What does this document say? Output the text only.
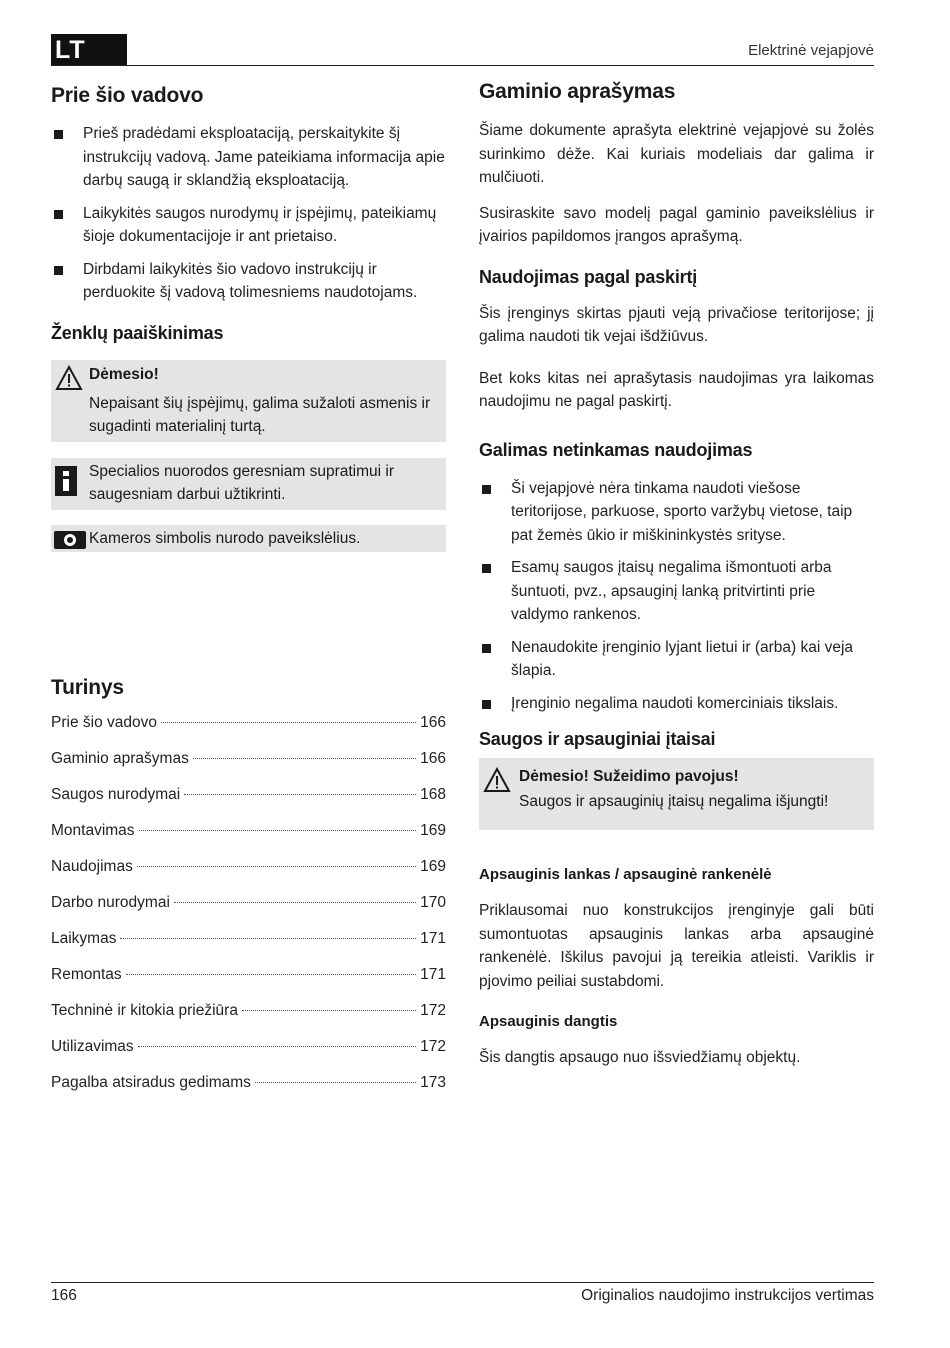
LT	Elektrinė vejapjovė
Prie šio vadovo
Prieš pradėdami eksploataciją, perskaitykite šį instrukcijų vadovą. Jame pateikiama informacija apie darbų saugą ir sklandžią eksploataciją.
Laikykitės saugos nurodymų ir įspėjimų, pateikiamų šioje dokumentacijoje ir ant prietaiso.
Dirbdami laikykitės šio vadovo instrukcijų ir perduokite šį vadovą tolimesniems naudotojams.
Ženklų paaiškinimas
Dėmesio!
Nepaisant šių įspėjimų, galima sužaloti asmenis ir sugadinti materialinį turtą.
Specialios nuorodos geresniam supratimui ir saugesniam darbui užtikrinti.
Kameros simbolis nurodo paveikslėlius.
Turinys
Prie šio vadovo	166
Gaminio aprašymas	166
Saugos nurodymai	168
Montavimas	169
Naudojimas	169
Darbo nurodymai	170
Laikymas	171
Remontas	171
Techninė ir kitokia priežiūra	172
Utilizavimas	172
Pagalba atsiradus gedimams	173
Gaminio aprašymas

Šiame dokumente aprašyta elektrinė vejapjovė su žolės surinkimo dėže. Kai kuriais modeliais dar galima ir mulčiuoti.

Susiraskite savo modelį pagal gaminio paveikslėlius ir įvairios papildomos įrangos aprašymą.

Naudojimas pagal paskirtį

Šis įrenginys skirtas pjauti veją privačiose teritorijose; jį galima naudoti tik vejai išdžiūvus.

Bet koks kitas nei aprašytasis naudojimas yra laikomas naudojimu ne pagal paskirtį.

Galimas netinkamas naudojimas
Ši vejapjovė nėra tinkama naudoti viešose teritorijose, parkuose, sporto varžybų vietose, taip pat žemės ūkio ir miškininkystės srityse.
Esamų saugos įtaisų negalima išmontuoti arba šuntuoti, pvz., apsauginį lanką pritvirtinti prie valdymo rankenos.
Nenaudokite įrenginio lyjant lietui ir (arba) kai veja šlapia.
Įrenginio negalima naudoti komerciniais tikslais.
Saugos ir apsauginiai įtaisai
Dėmesio! Sužeidimo pavojus!
Saugos ir apsauginių įtaisų negalima išjungti!
Apsauginis lankas / apsauginė rankenėlė

Priklausomai nuo konstrukcijos įrenginyje gali būti sumontuotas apsauginis lankas arba apsauginė rankenėlė. Iškilus pavojui ją tereikia atleisti. Variklis ir pjovimo peiliai sustabdomi.

Apsauginis dangtis

Šis dangtis apsaugo nuo išsviedžiamų objektų.

166	Originalios naudojimo instrukcijos vertimas
